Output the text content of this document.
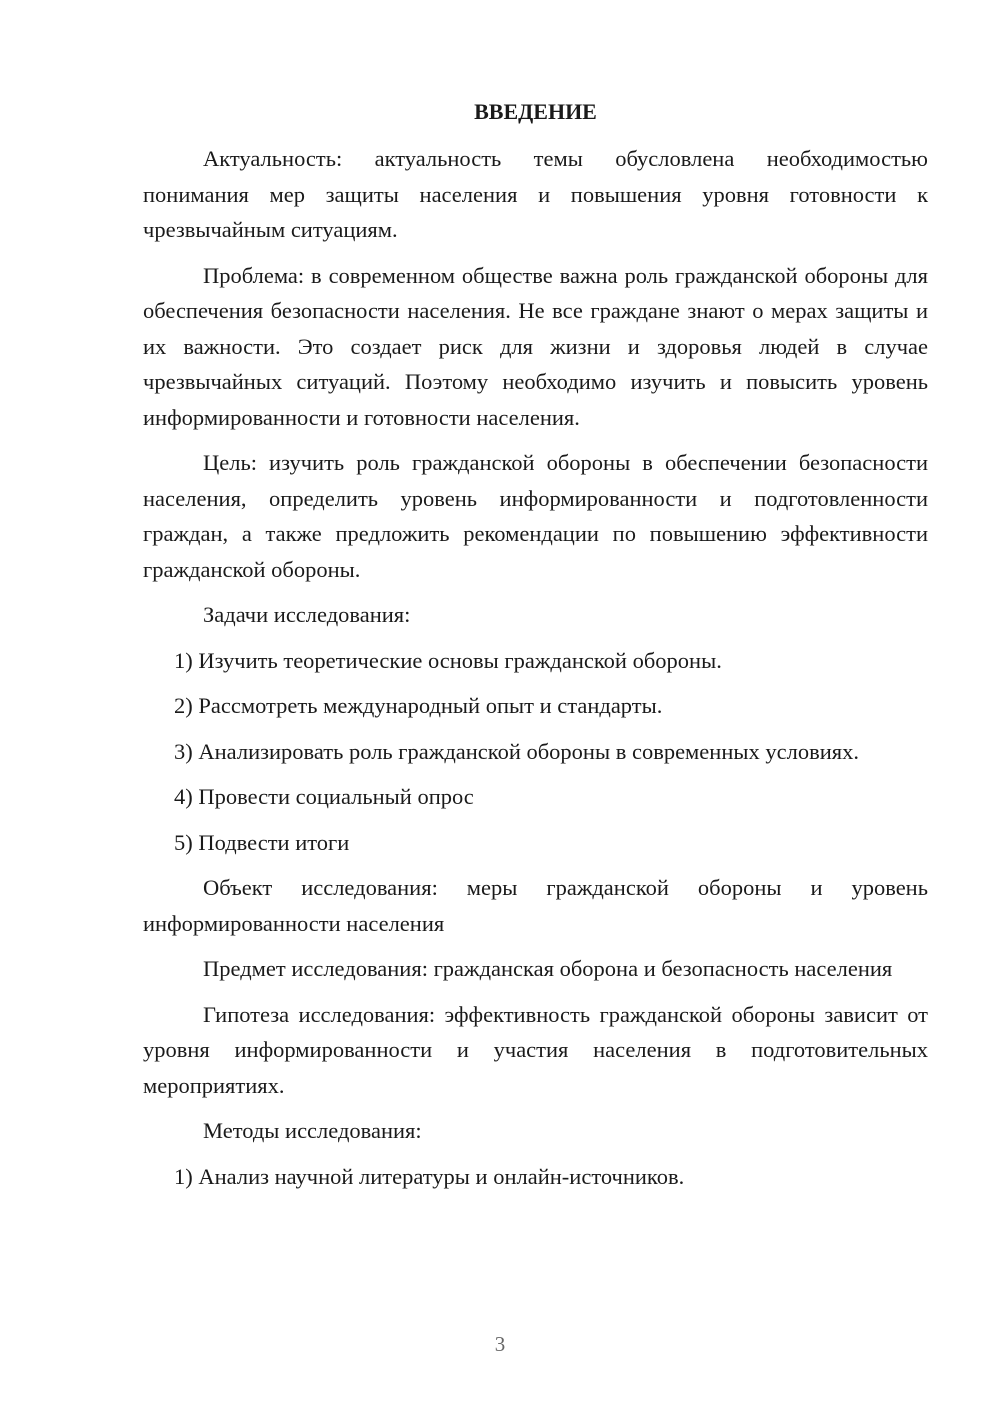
ВВЕДЕНИЕ
Актуальность: актуальность темы обусловлена необходимостью понимания мер защиты населения и повышения уровня готовности к чрезвычайным ситуациям.
Проблема: в современном обществе важна роль гражданской обороны для обеспечения безопасности населения. Не все граждане знают о мерах защиты и их важности. Это создает риск для жизни и здоровья людей в случае чрезвычайных ситуаций. Поэтому необходимо изучить и повысить уровень информированности и готовности населения.
Цель: изучить роль гражданской обороны в обеспечении безопасности населения, определить уровень информированности и подготовленности граждан, а также предложить рекомендации по повышению эффективности гражданской обороны.
Задачи исследования:
1) Изучить теоретические основы гражданской обороны.
2) Рассмотреть международный опыт и стандарты.
3) Анализировать роль гражданской обороны в современных условиях.
4) Провести социальный опрос
5) Подвести итоги
Объект исследования: меры гражданской обороны и уровень информированности населения
Предмет исследования: гражданская оборона и безопасность населения
Гипотеза исследования: эффективность гражданской обороны зависит от уровня информированности и участия населения в подготовительных мероприятиях.
Методы исследования:
1) Анализ научной литературы и онлайн-источников.
3
